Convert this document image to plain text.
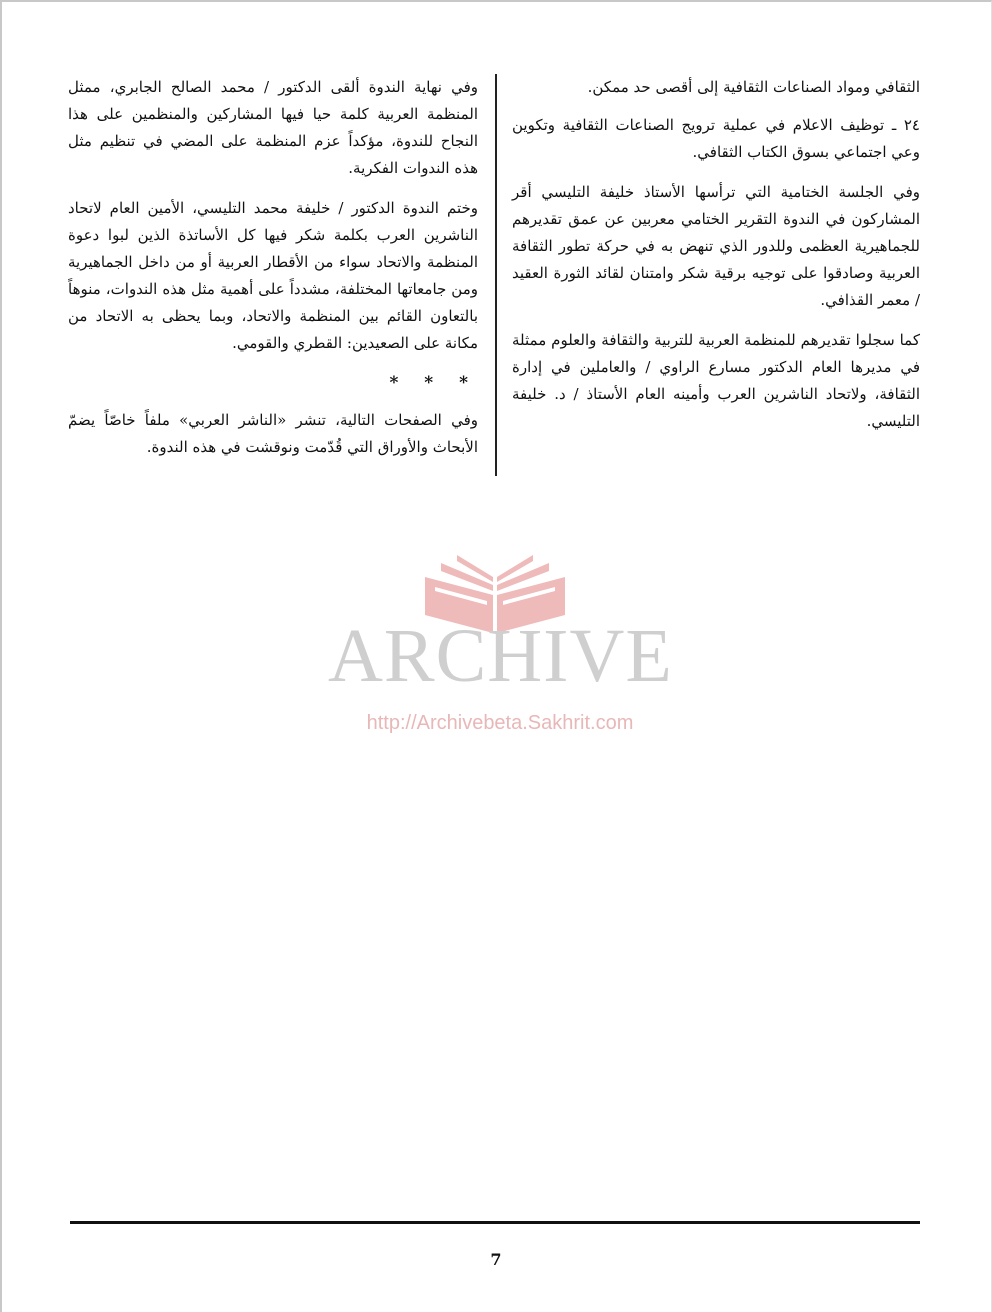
الثقافي ومواد الصناعات الثقافية إلى أقصى حد ممكن.

٢٤ ـ توظيف الاعلام في عملية ترويج الصناعات الثقافية وتكوين وعي اجتماعي بسوق الكتاب الثقافي.

وفي الجلسة الختامية التي ترأسها الأستاذ خليفة التليسي أقر المشاركون في الندوة التقرير الختامي معربين عن عمق تقديرهم للجماهيرية العظمى وللدور الذي تنهض به في حركة تطور الثقافة العربية وصادقوا على توجيه برقية شكر وامتنان لقائد الثورة العقيد / معمر القذافي.

كما سجلوا تقديرهم للمنظمة العربية للتربية والثقافة والعلوم ممثلة في مديرها العام الدكتور مسارع الراوي / والعاملين في إدارة الثقافة، ولاتحاد الناشرين العرب وأمينه العام الأستاذ / د. خليفة التليسي.

وفي نهاية الندوة ألقى الدكتور / محمد الصالح الجابري، ممثل المنظمة العربية كلمة حيا فيها المشاركين والمنظمين على هذا النجاح للندوة، مؤكداً عزم المنظمة على المضي في تنظيم مثل هذه الندوات الفكرية.

وختم الندوة الدكتور / خليفة محمد التليسي، الأمين العام لاتحاد الناشرين العرب بكلمة شكر فيها كل الأساتذة الذين لبوا دعوة المنظمة والاتحاد سواء من الأقطار العربية أو من داخل الجماهيرية ومن جامعاتها المختلفة، مشدداً على أهمية مثل هذه الندوات، منوهاً بالتعاون القائم بين المنظمة والاتحاد، وبما يحظى به الاتحاد من مكانة على الصعيدين: القطري والقومي.

* * *

وفي الصفحات التالية، تنشر «الناشر العربي» ملفاً خاصّاً يضمّ الأبحاث والأوراق التي قُدّمت ونوقشت في هذه الندوة.

ARCHIVE
http://Archivebeta.Sakhrit.com
7
